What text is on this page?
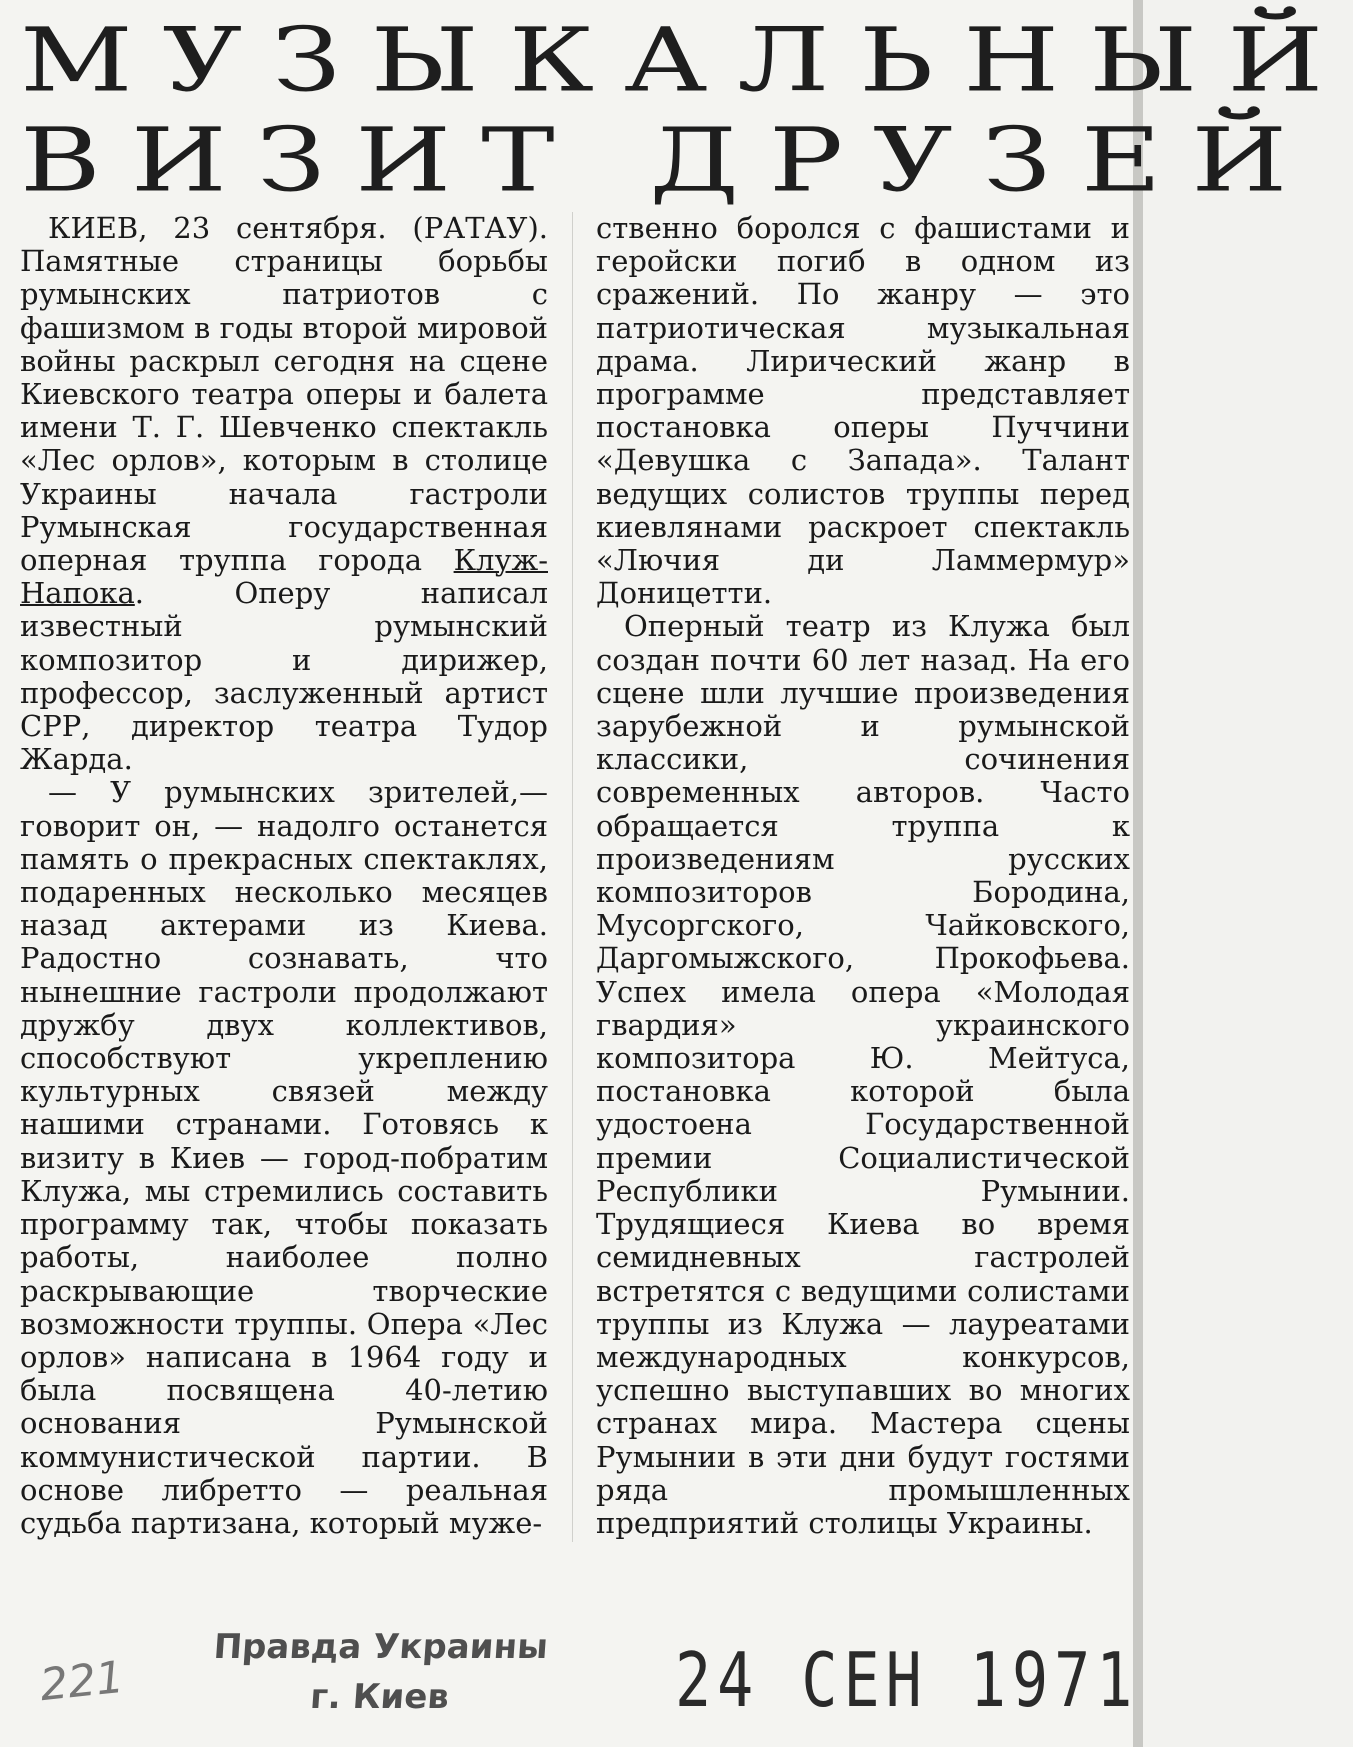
МУЗЫКАЛЬНЫЙ
ВИЗИТ ДРУЗЕЙ

КИЕВ, 23 сентября. (РАТАУ). Памятные страницы борьбы румынских патриотов с фашизмом в годы второй мировой войны раскрыл сегодня на сцене Киевского театра оперы и балета имени Т. Г. Шевченко спектакль «Лес орлов», которым в столице Украины начала гастроли Румынская государственная оперная труппа города Клуж-Напока. Оперу написал известный румынский композитор и дирижер, профессор, заслуженный артист СРР, директор театра Тудор Жарда.

— У румынских зрителей,— говорит он, — надолго останется память о прекрасных спектаклях, подаренных несколько месяцев назад актерами из Киева. Радостно сознавать, что нынешние гастроли продолжают дружбу двух коллективов, способствуют укреплению культурных связей между нашими странами. Готовясь к визиту в Киев — город-побратим Клужа, мы стремились составить программу так, чтобы показать работы, наиболее полно раскрывающие творческие возможности труппы. Опера «Лес орлов» написана в 1964 году и была посвящена 40-летию основания Румынской коммунистической партии. В основе либретто — реальная судьба партизана, который муже-

ственно боролся с фашистами и геройски погиб в одном из сражений. По жанру — это патриотическая музыкальная драма. Лирический жанр в программе представляет постановка оперы Пуччини «Девушка с Запада». Талант ведущих солистов труппы перед киевлянами раскроет спектакль «Лючия ди Ламмермур» Доницетти.

Оперный театр из Клужа был создан почти 60 лет назад. На его сцене шли лучшие произведения зарубежной и румынской классики, сочинения современных авторов. Часто обращается труппа к произведениям русских композиторов Бородина, Мусоргского, Чайковского, Даргомыжского, Прокофьева. Успех имела опера «Молодая гвардия» украинского композитора Ю. Мейтуса, постановка которой была удостоена Государственной премии Социалистической Республики Румынии. Трудящиеся Киева во время семидневных гастролей встретятся с ведущими солистами труппы из Клужа — лауреатами международных конкурсов, успешно выступавших во многих странах мира. Мастера сцены Румынии в эти дни будут гостями ряда промышленных предприятий столицы Украины.

221
Правда Украины
г. Киев	24 СЕН 1971
